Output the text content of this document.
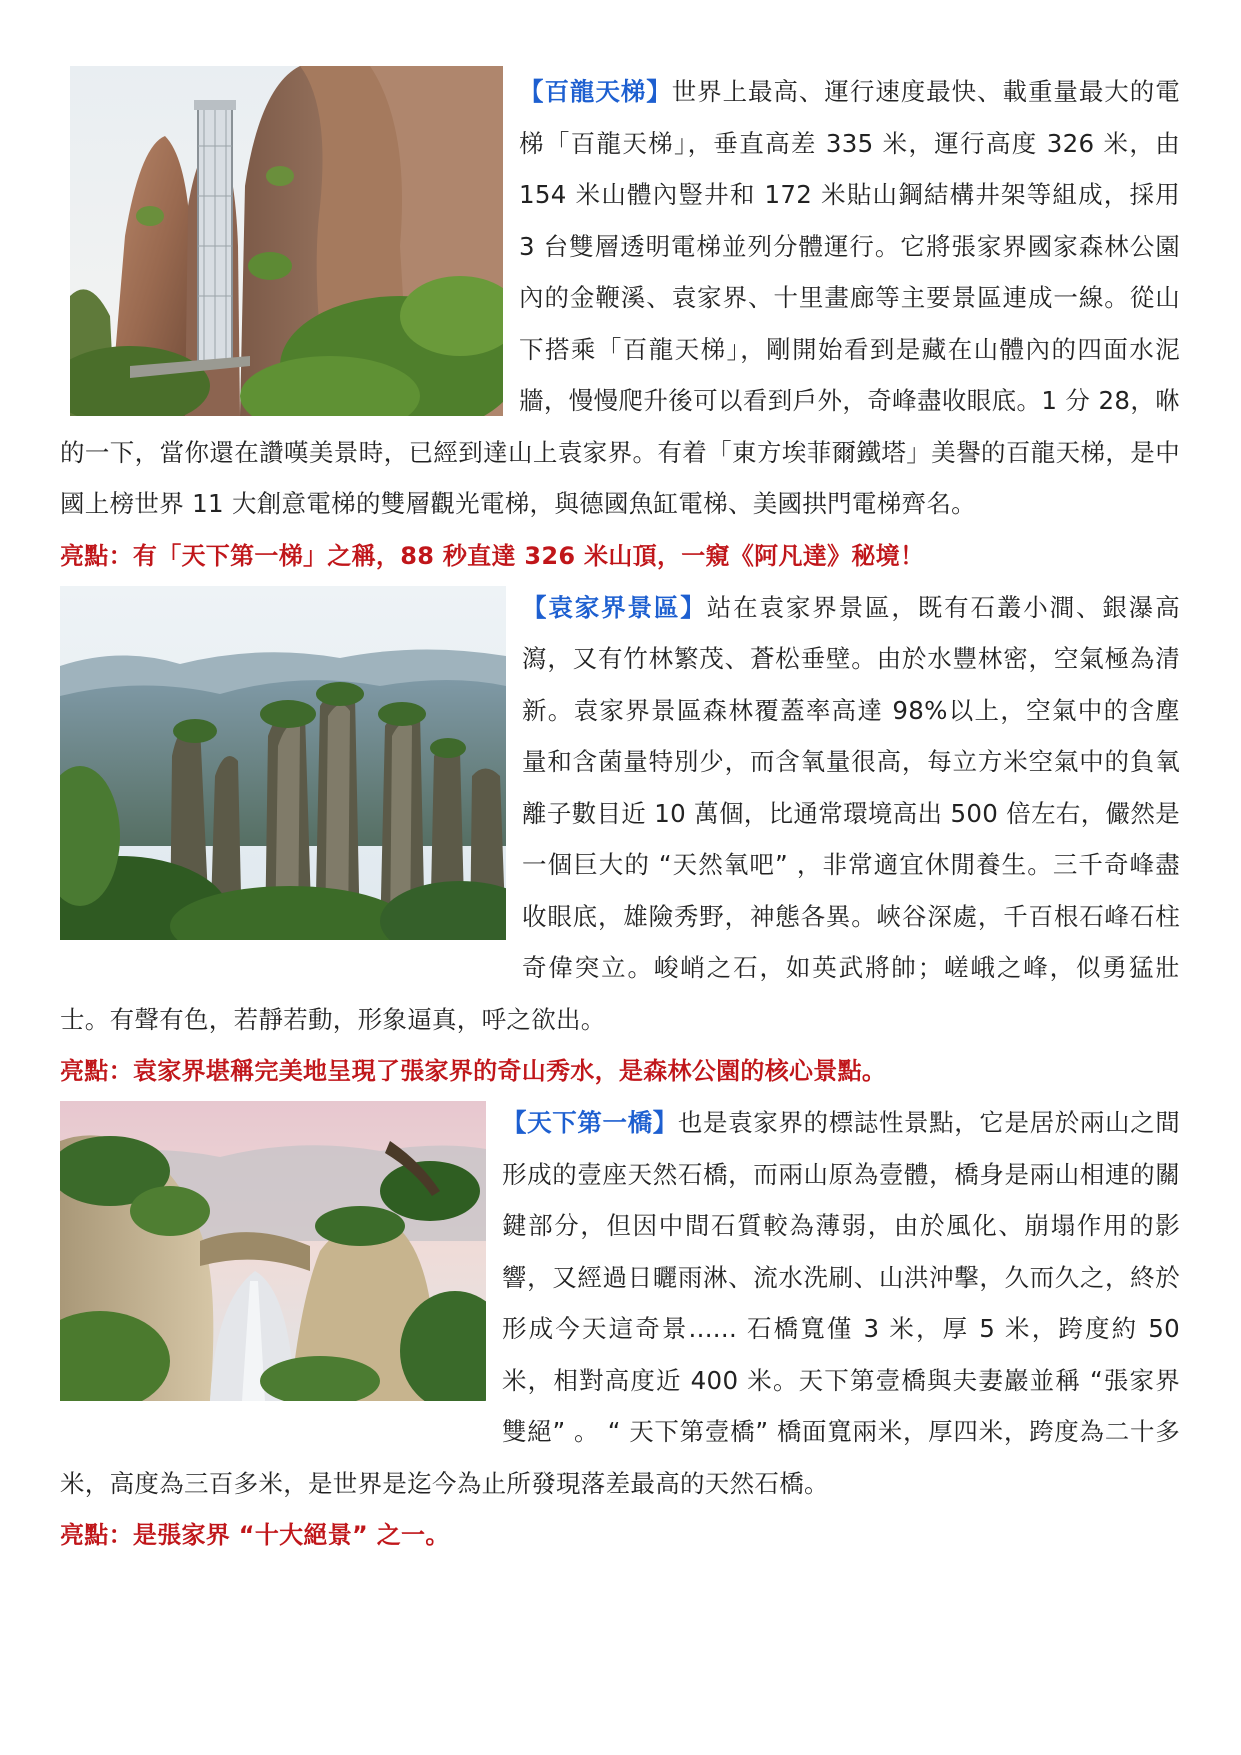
【百龍天梯】世界上最高、運行速度最快、載重量最大的電梯「百龍天梯」，垂直高差 335 米，運行高度 326 米，由 154 米山體內豎井和 172 米貼山鋼結構井架等組成，採用 3 台雙層透明電梯並列分體運行。它將張家界國家森林公園內的金鞭溪、袁家界、十里畫廊等主要景區連成一線。從山下搭乘「百龍天梯」，剛開始看到是藏在山體內的四面水泥牆，慢慢爬升後可以看到戶外，奇峰盡收眼底。1 分 28，咻的一下，當你還在讚嘆美景時，已經到達山上袁家界。有着「東方埃菲爾鐵塔」美譽的百龍天梯，是中國上榜世界 11 大創意電梯的雙層觀光電梯，與德國魚缸電梯、美國拱門電梯齊名。

亮點：有「天下第一梯」之稱，88 秒直達 326 米山頂，一窺《阿凡達》秘境！

【袁家界景區】站在袁家界景區，既有石叢小澗、銀瀑高瀉，又有竹林繁茂、蒼松垂壁。由於水豐林密，空氣極為清新。袁家界景區森林覆蓋率高達 98%以上，空氣中的含塵量和含菌量特別少，而含氧量很高，每立方米空氣中的負氧離子數目近 10 萬個，比通常環境高出 500 倍左右，儼然是一個巨大的 “天然氧吧” ，非常適宜休閒養生。三千奇峰盡收眼底，雄險秀野，神態各異。峽谷深處，千百根石峰石柱奇偉突立。峻峭之石，如英武將帥；嵯峨之峰，似勇猛壯士。有聲有色，若靜若動，形象逼真，呼之欲出。

亮點：袁家界堪稱完美地呈現了張家界的奇山秀水，是森林公園的核心景點。

【天下第一橋】也是袁家界的標誌性景點，它是居於兩山之間形成的壹座天然石橋，而兩山原為壹體，橋身是兩山相連的關鍵部分，但因中間石質較為薄弱，由於風化、崩塌作用的影響，又經過日曬雨淋、流水洗刷、山洪沖擊，久而久之，終於形成今天這奇景...... 石橋寬僅 3 米，厚 5 米，跨度約 50 米，相對高度近 400 米。天下第壹橋與夫妻巖並稱 “張家界雙絕” 。 “ 天下第壹橋” 橋面寬兩米，厚四米，跨度為二十多米，高度為三百多米，是世界是迄今為止所發現落差最高的天然石橋。

亮點：是張家界 “十大絕景” 之一。
